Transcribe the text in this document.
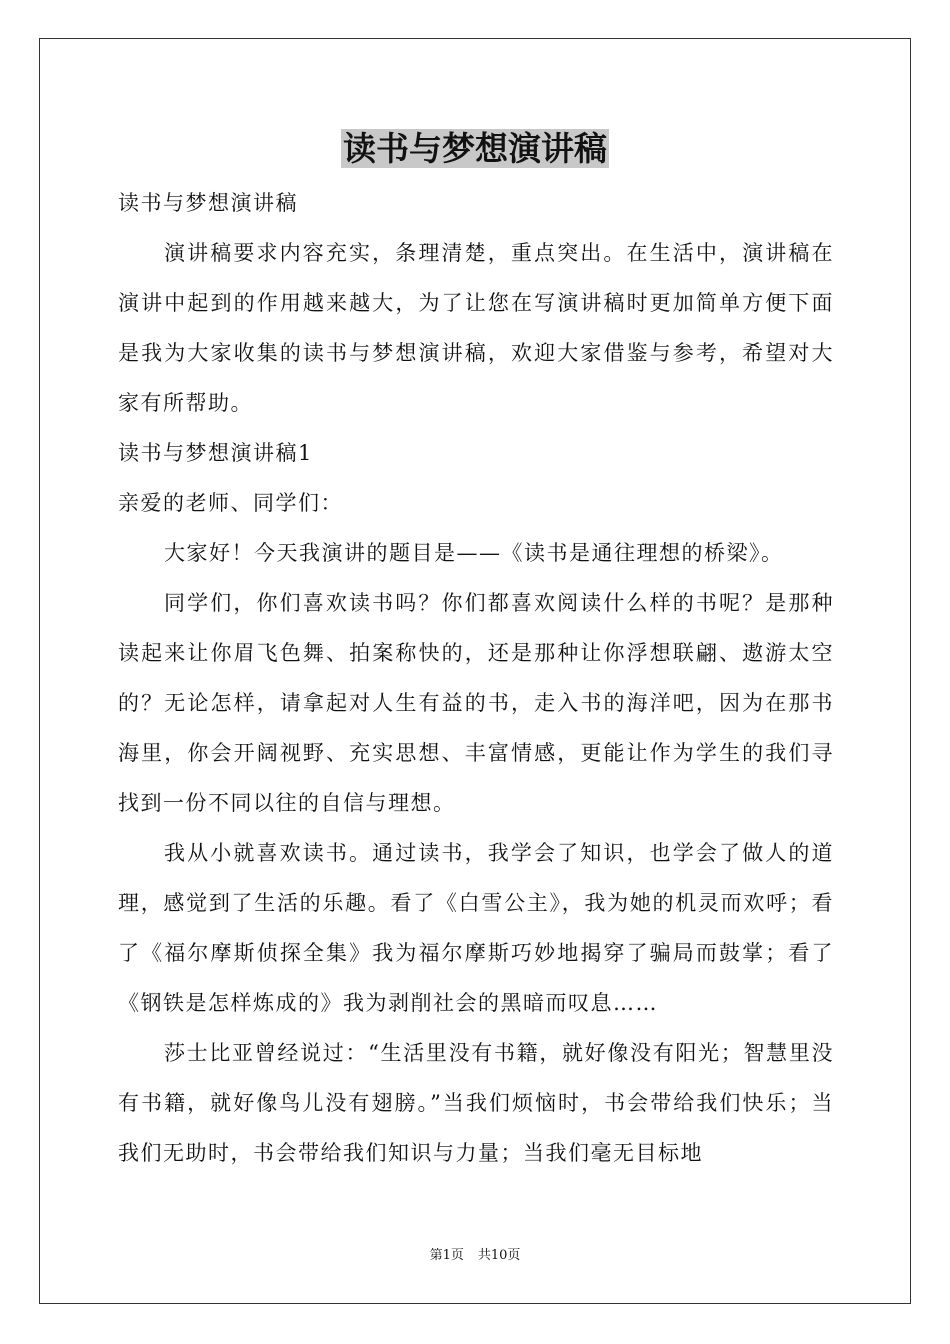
读书与梦想演讲稿

读书与梦想演讲稿

演讲稿要求内容充实，条理清楚，重点突出。在生活中，演讲稿在演讲中起到的作用越来越大，为了让您在写演讲稿时更加简单方便下面是我为大家收集的读书与梦想演讲稿，欢迎大家借鉴与参考，希望对大家有所帮助。

读书与梦想演讲稿1

亲爱的老师、同学们：

大家好！今天我演讲的题目是——《读书是通往理想的桥梁》。

同学们，你们喜欢读书吗？你们都喜欢阅读什么样的书呢？是那种读起来让你眉飞色舞、拍案称快的，还是那种让你浮想联翩、遨游太空的？无论怎样，请拿起对人生有益的书，走入书的海洋吧，因为在那书海里，你会开阔视野、充实思想、丰富情感，更能让作为学生的我们寻找到一份不同以往的自信与理想。

我从小就喜欢读书。通过读书，我学会了知识，也学会了做人的道理，感觉到了生活的乐趣。看了《白雪公主》，我为她的机灵而欢呼；看了《福尔摩斯侦探全集》我为福尔摩斯巧妙地揭穿了骗局而鼓掌；看了《钢铁是怎样炼成的》我为剥削社会的黑暗而叹息……

莎士比亚曾经说过：“生活里没有书籍，就好像没有阳光；智慧里没有书籍，就好像鸟儿没有翅膀。”当我们烦恼时，书会带给我们快乐；当我们无助时，书会带给我们知识与力量；当我们毫无目标地

第1页 共10页
